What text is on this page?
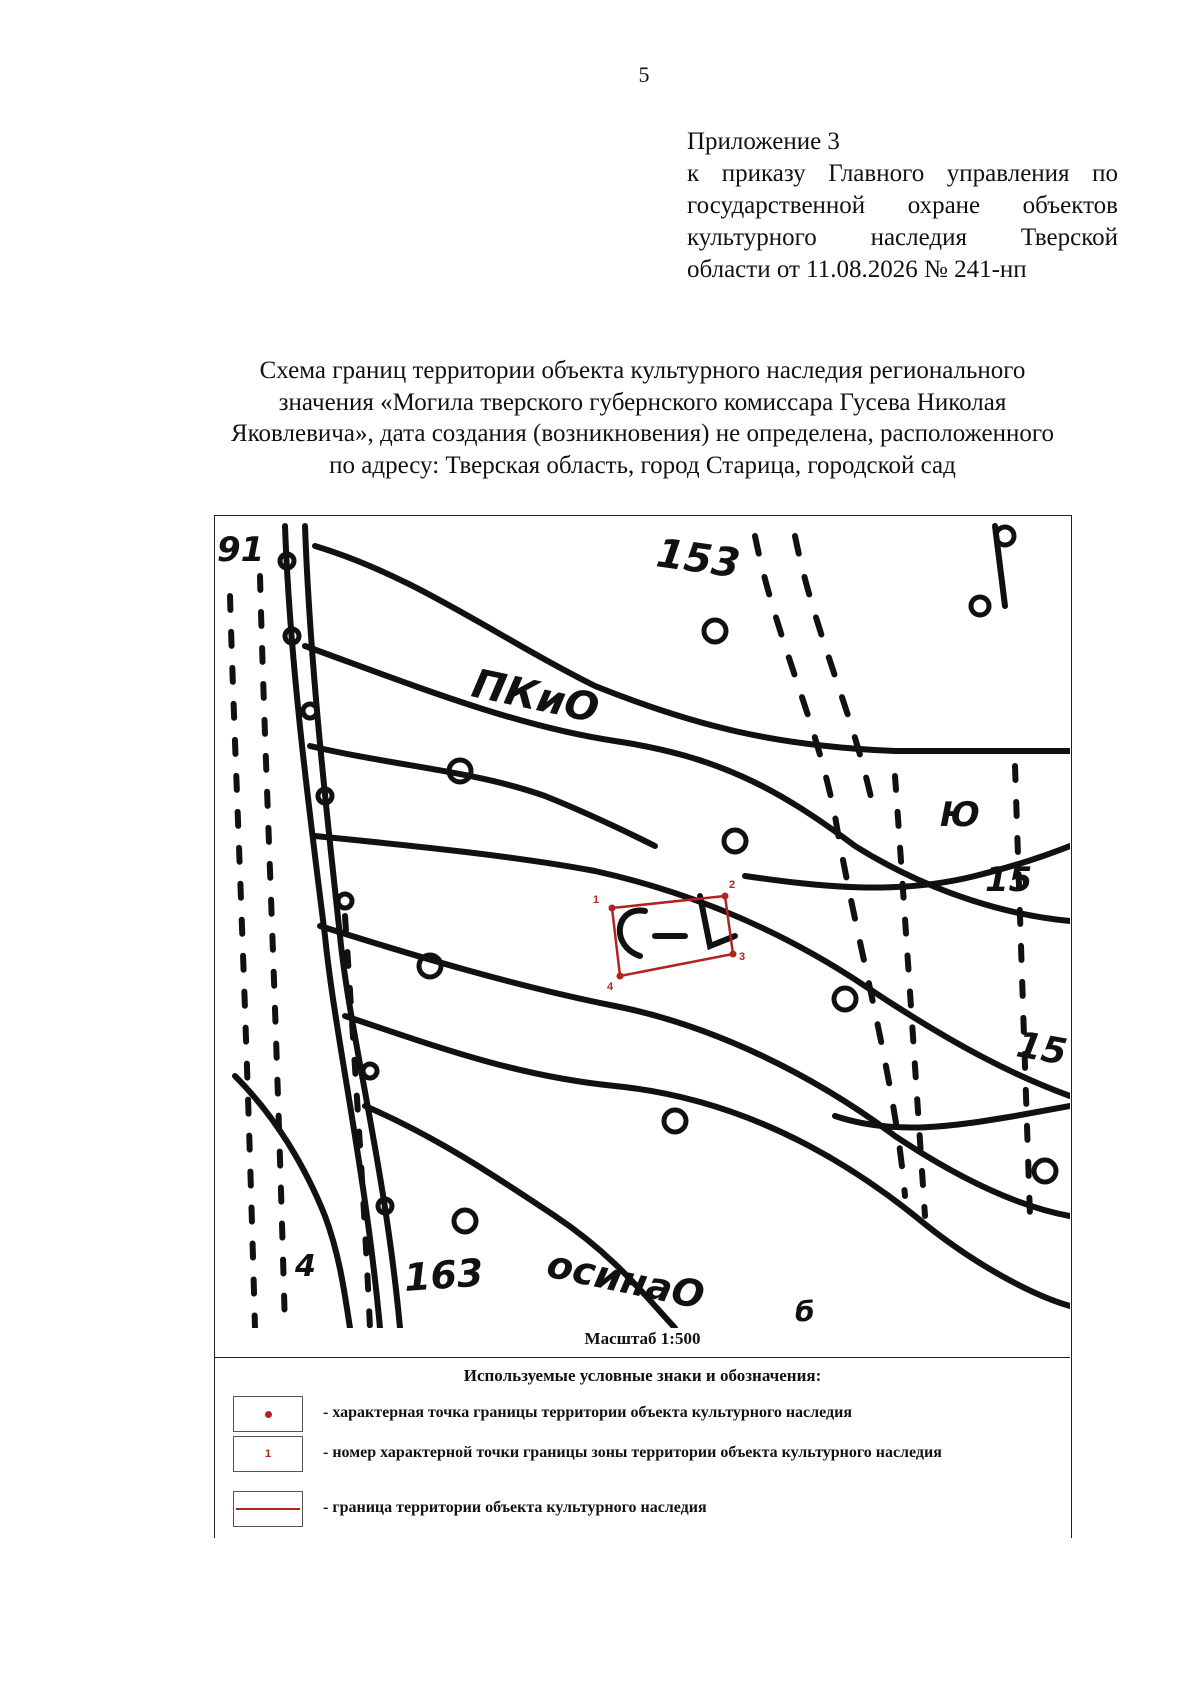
5
Приложение 3
к приказу Главного управления по
государственной охране объектов
культурного наследия Тверской
области от 11.08.2026 № 241-нп
Схема границ территории объекта культурного наследия регионального
значения «Могила тверского губернского комиссара Гусева Николая
Яковлевича», дата создания (возникновения) не определена, расположенного
по адресу: Тверская область, город Старица, городской сад
91	153
ПКиО
Ю
15
15
163 осинаО
4
б
1
2
3
4
Масштаб 1:500
Используемые условные знаки и обозначения:
- характерная точка границы территории объекта культурного наследия
1	- номер характерной точки границы зоны территории объекта культурного наследия
- граница территории объекта культурного наследия
